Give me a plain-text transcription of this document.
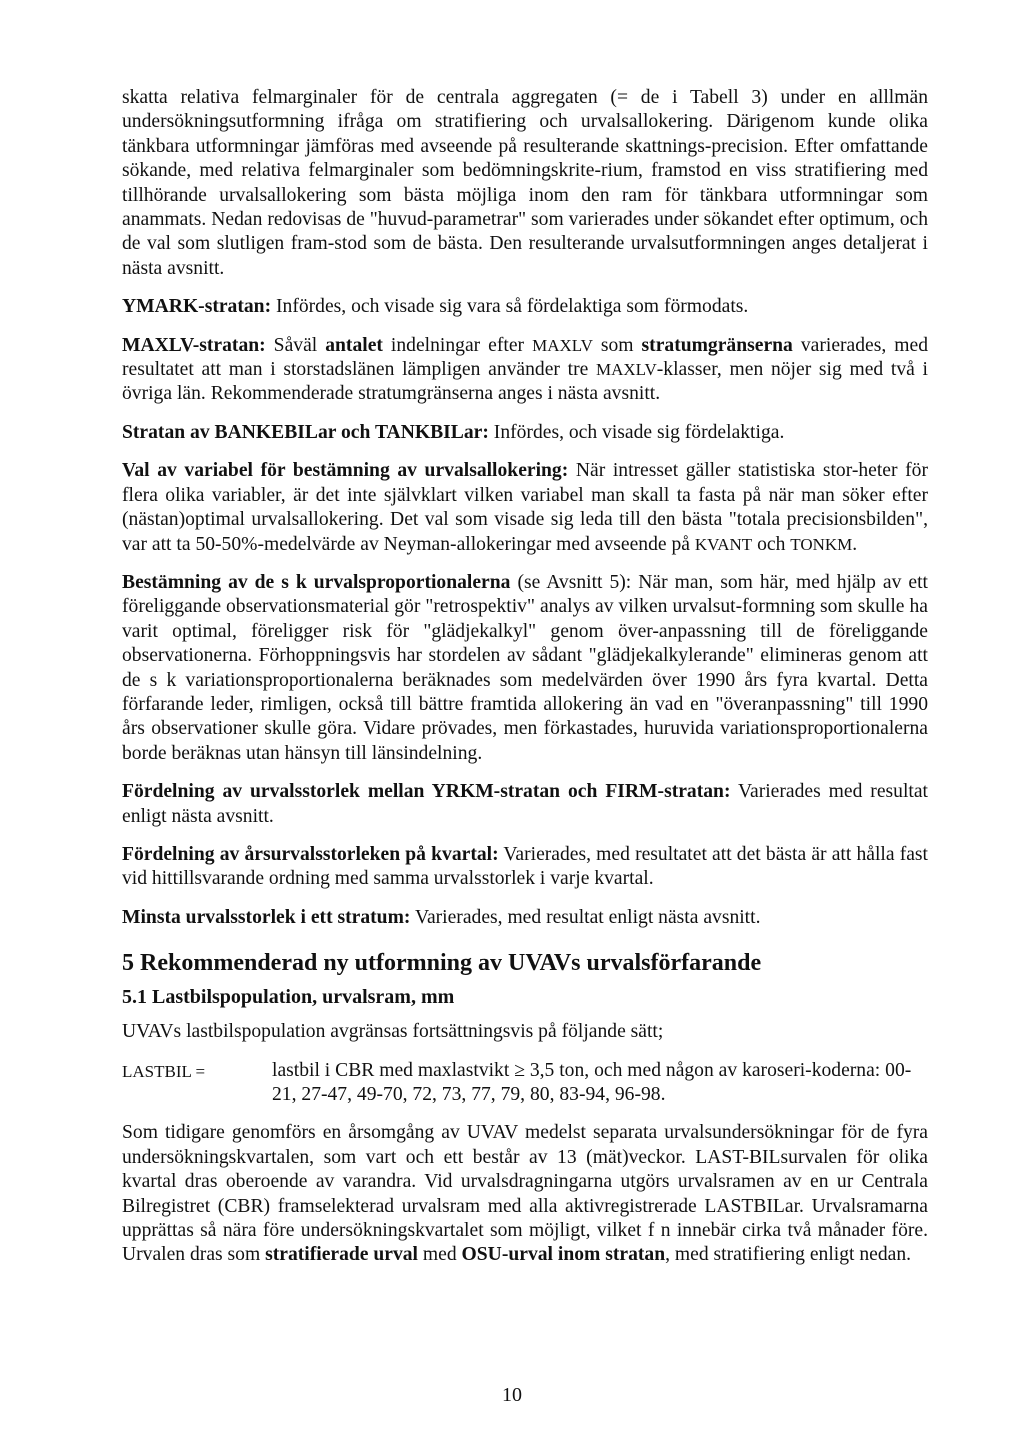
skatta relativa felmarginaler för de centrala aggregaten (= de i Tabell 3) under en alllmän undersökningsutformning ifråga om stratifiering och urvalsallokering. Därigenom kunde olika tänkbara utformningar jämföras med avseende på resulterande skattnings-precision. Efter omfattande sökande, med relativa felmarginaler som bedömningskrite-rium, framstod en viss stratifiering med tillhörande urvalsallokering som bästa möjliga inom den ram för tänkbara utformningar som anammats. Nedan redovisas de "huvud-parametrar" som varierades under sökandet efter optimum, och de val som slutligen fram-stod som de bästa. Den resulterande urvalsutformningen anges detaljerat i nästa avsnitt.

YMARK-stratan: Infördes, och visade sig vara så fördelaktiga som förmodats.

MAXLV-stratan: Såväl antalet indelningar efter MAXLV som stratumgränserna varierades, med resultatet att man i storstadslänen lämpligen använder tre MAXLV-klasser, men nöjer sig med två i övriga län. Rekommenderade stratumgränserna anges i nästa avsnitt.

Stratan av BANKEBILar och TANKBILar: Infördes, och visade sig fördelaktiga.

Val av variabel för bestämning av urvalsallokering: När intresset gäller statistiska stor-heter för flera olika variabler, är det inte självklart vilken variabel man skall ta fasta på när man söker efter (nästan)optimal urvalsallokering. Det val som visade sig leda till den bästa "totala precisionsbilden", var att ta 50-50%-medelvärde av Neyman-allokeringar med avseende på KVANT och TONKM.

Bestämning av de s k urvalsproportionalerna (se Avsnitt 5): När man, som här, med hjälp av ett föreliggande observationsmaterial gör "retrospektiv" analys av vilken urvalsut-formning som skulle ha varit optimal, föreligger risk för "glädjekalkyl" genom över-anpassning till de föreliggande observationerna. Förhoppningsvis har stordelen av sådant "glädjekalkylerande" elimineras genom att de s k variationsproportionalerna beräknades som medelvärden över 1990 års fyra kvartal. Detta förfarande leder, rimligen, också till bättre framtida allokering än vad en "överanpassning" till 1990 års observationer skulle göra. Vidare prövades, men förkastades, huruvida variationsproportionalerna borde beräknas utan hänsyn till länsindelning.

Fördelning av urvalsstorlek mellan YRKM-stratan och FIRM-stratan: Varierades med resultat enligt nästa avsnitt.

Fördelning av årsurvalsstorleken på kvartal: Varierades, med resultatet att det bästa är att hålla fast vid hittillsvarande ordning med samma urvalsstorlek i varje kvartal.

Minsta urvalsstorlek i ett stratum: Varierades, med resultat enligt nästa avsnitt.

5 Rekommenderad ny utformning av UVAVs urvalsförfarande
5.1 Lastbilspopulation, urvalsram, mm

UVAVs lastbilspopulation avgränsas fortsättningsvis på följande sätt;

LASTBIL =	lastbil i CBR med maxlastvikt ≥ 3,5 ton, och med någon av karoseri-koderna: 00-21, 27-47, 49-70, 72, 73, 77, 79, 80, 83-94, 96-98.

Som tidigare genomförs en årsomgång av UVAV medelst separata urvalsundersökningar för de fyra undersökningskvartalen, som vart och ett består av 13 (mät)veckor. LAST-BILsurvalen för olika kvartal dras oberoende av varandra. Vid urvalsdragningarna utgörs urvalsramen av en ur Centrala Bilregistret (CBR) framselekterad urvalsram med alla aktivregistrerade LASTBILar. Urvalsramarna upprättas så nära före undersökningskvartalet som möjligt, vilket f n innebär cirka två månader före. Urvalen dras som stratifierade urval med OSU-urval inom stratan, med stratifiering enligt nedan.

10
